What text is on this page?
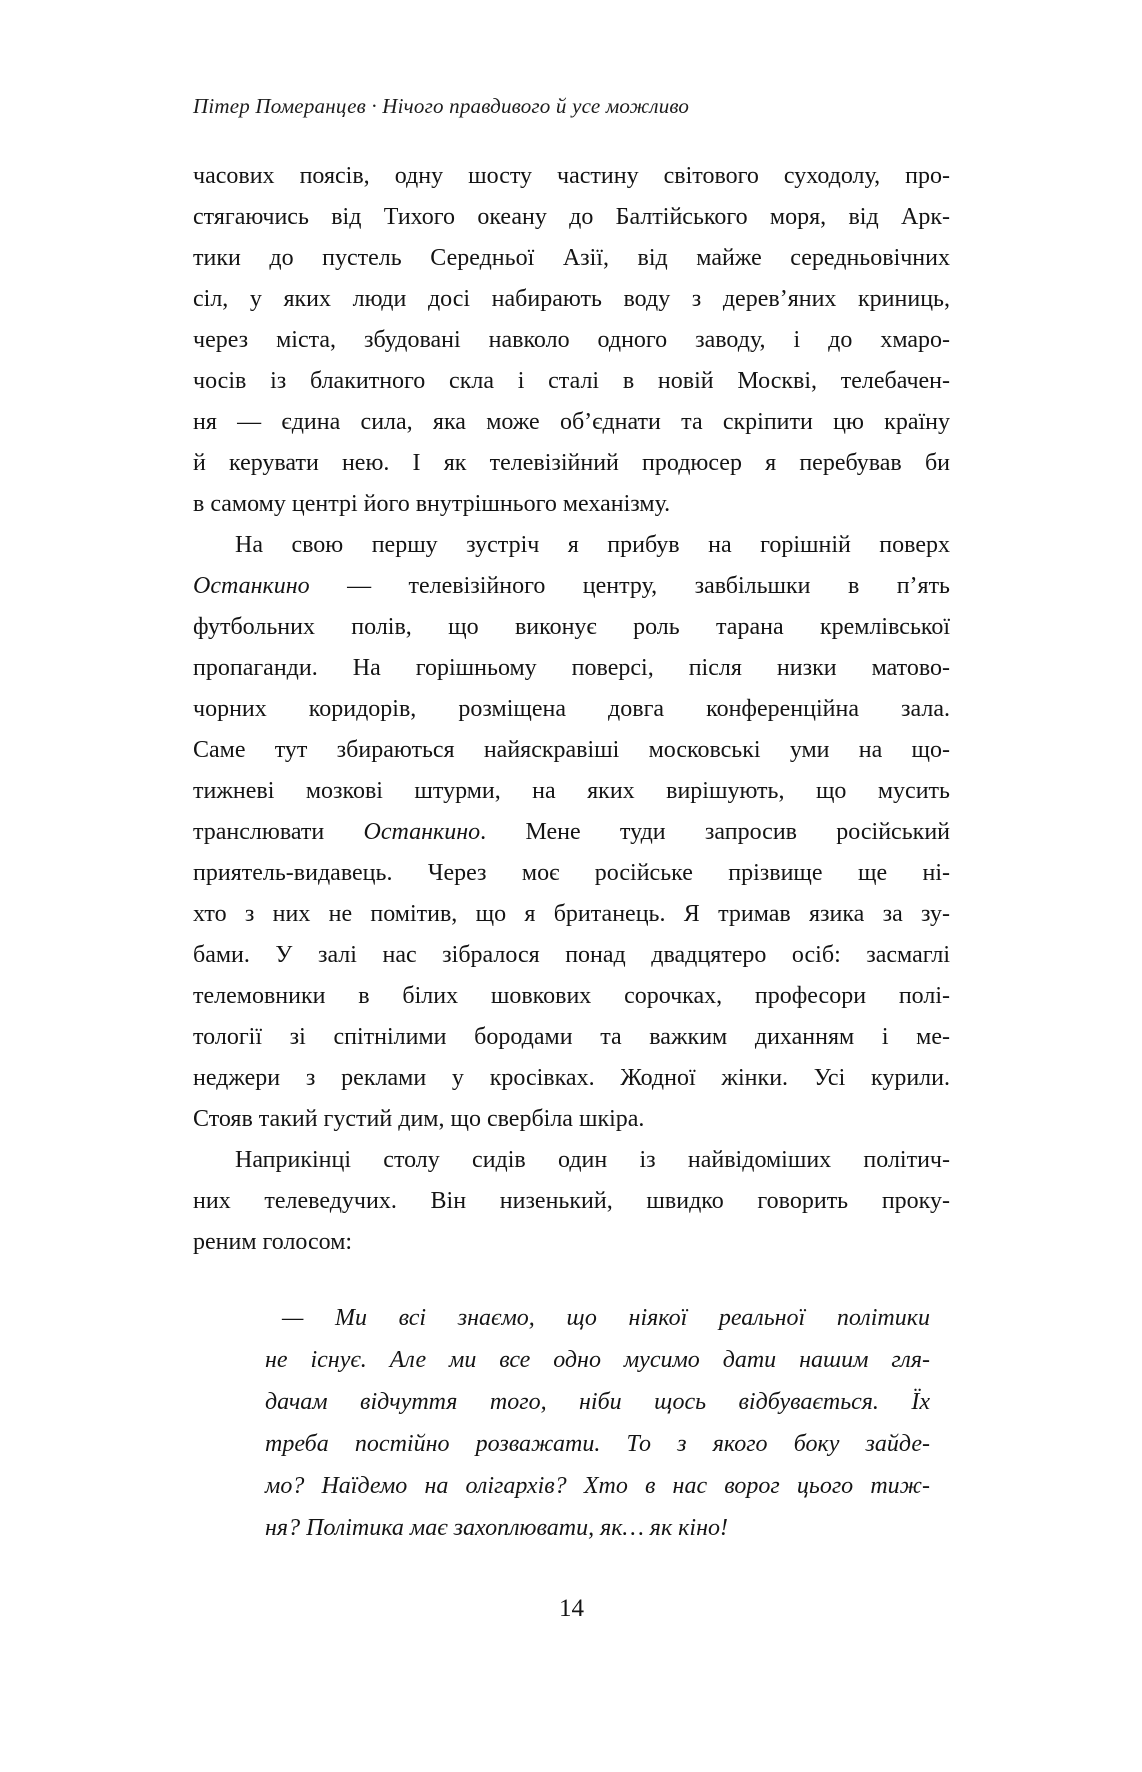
Пітер Померанцев · Нічого правдивого й усе можливо
часових поясів, одну шосту частину світового суходолу, про-
стягаючись від Тихого океану до Балтійського моря, від Арк-
тики до пустель Середньої Азії, від майже середньовічних
сіл, у яких люди досі набирають воду з дерев’яних криниць,
через міста, збудовані навколо одного заводу, і до хмаро-
чосів із блакитного скла і сталі в новій Москві, телебачен-
ня — єдина сила, яка може об’єднати та скріпити цю країну
й керувати нею. І як телевізійний продюсер я перебував би
в самому центрі його внутрішнього механізму.
На свою першу зустріч я прибув на горішній поверх
Останкино — телевізійного центру, завбільшки в п’ять
футбольних полів, що виконує роль тарана кремлівської
пропаганди. На горішньому поверсі, після низки матово-
чорних коридорів, розміщена довга конференційна зала.
Саме тут збираються найяскравіші московські уми на що-
тижневі мозкові штурми, на яких вирішують, що мусить
транслювати Останкино. Мене туди запросив російський
приятель-видавець. Через моє російське прізвище ще ні-
хто з них не помітив, що я британець. Я тримав язика за зу-
бами. У залі нас зібралося понад двадцятеро осіб: засмаглі
телемовники в білих шовкових сорочках, професори полі-
тології зі спітнілими бородами та важким диханням і ме-
неджери з реклами у кросівках. Жодної жінки. Усі курили.
Стояв такий густий дим, що свербіла шкіра.
Наприкінці столу сидів один із найвідоміших політич-
них телеведучих. Він низенький, швидко говорить проку-
реним голосом:
— Ми всі знаємо, що ніякої реальної політики
не існує. Але ми все одно мусимо дати нашим гля-
дачам відчуття того, ніби щось відбувається. Їх
треба постійно розважати. То з якого боку зайде-
мо? Наїдемо на олігархів? Хто в нас ворог цього тиж-
ня? Політика має захоплювати, як… як кіно!
14
